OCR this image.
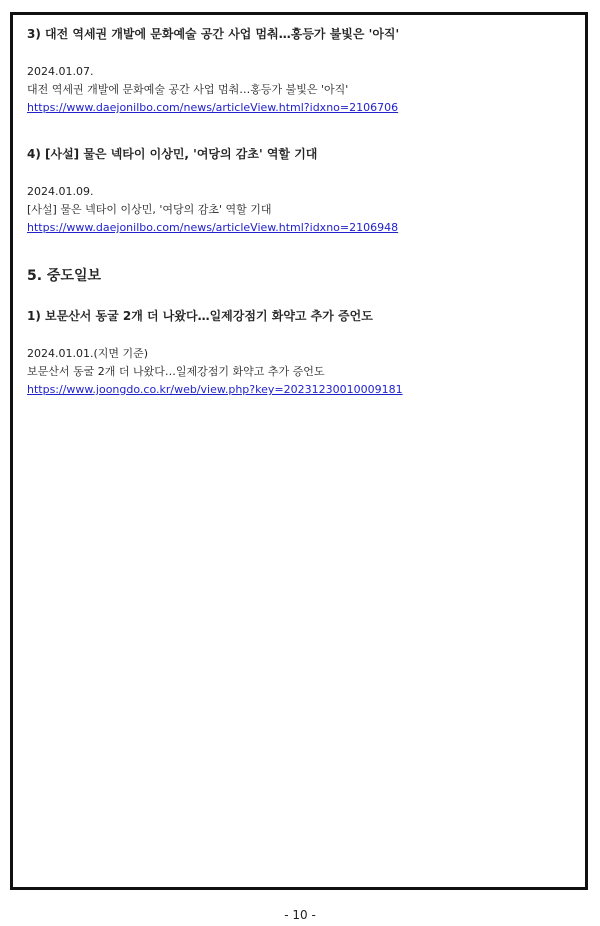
3) 대전 역세권 개발에 문화예술 공간 사업 멈춰…홍등가 불빛은 '아직'

2024.01.07.

대전 역세권 개발에 문화예술 공간 사업 멈춰…홍등가 불빛은 '아직'

https://www.daejonilbo.com/news/articleView.html?idxno=2106706

4) [사설] 물은 넥타이 이상민, '여당의 감초' 역할 기대

2024.01.09.

[사설] 물은 넥타이 이상민, '여당의 감초' 역할 기대

https://www.daejonilbo.com/news/articleView.html?idxno=2106948
5. 중도일보

1) 보문산서 동굴 2개 더 나왔다…일제강점기 화약고 추가 증언도

2024.01.01.(지면 기준)

보문산서 동굴 2개 더 나왔다…일제강점기 화약고 추가 증언도

https://www.joongdo.co.kr/web/view.php?key=20231230010009181
- 10 -
